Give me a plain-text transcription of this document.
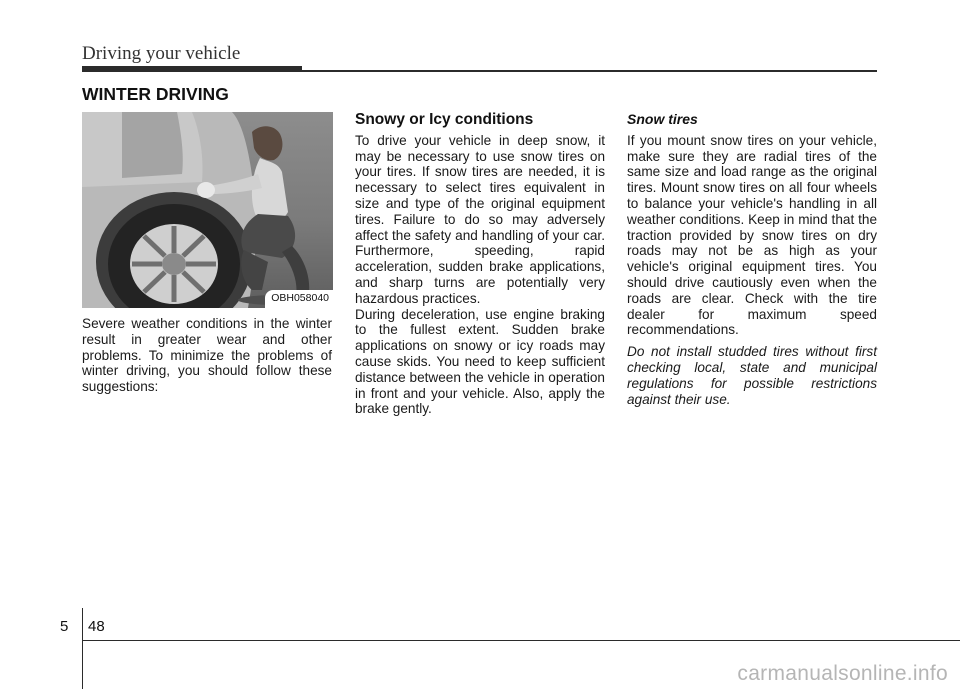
Driving your vehicle
WINTER DRIVING
OBH058040

Severe weather conditions in the winter result in greater wear and other problems. To minimize the problems of winter driving, you should follow these suggestions:

Snowy or Icy conditions

To drive your vehicle in deep snow, it may be necessary to use snow tires on your tires. If snow tires are needed, it is necessary to select tires equivalent in size and type of the original equipment tires. Failure to do so may adversely affect the safety and handling of your car. Furthermore, speeding, rapid acceleration, sudden brake applications, and sharp turns are potentially very hazardous practices.

During deceleration, use engine braking to the fullest extent. Sudden brake applications on snowy or icy roads may cause skids. You need to keep sufficient distance between the vehicle in operation in front and your vehicle. Also, apply the brake gently.

Snow tires

If you mount snow tires on your vehicle, make sure they are radial tires of the same size and load range as the original tires. Mount snow tires on all four wheels to balance your vehicle's handling in all weather conditions. Keep in mind that the traction provided by snow tires on dry roads may not be as high as your vehicle's original equipment tires. You should drive cautiously even when the roads are clear. Check with the tire dealer for maximum speed recommendations.

Do not install studded tires without first checking local, state and municipal regulations for possible restrictions against their use.

5 48
carmanualsonline.info
